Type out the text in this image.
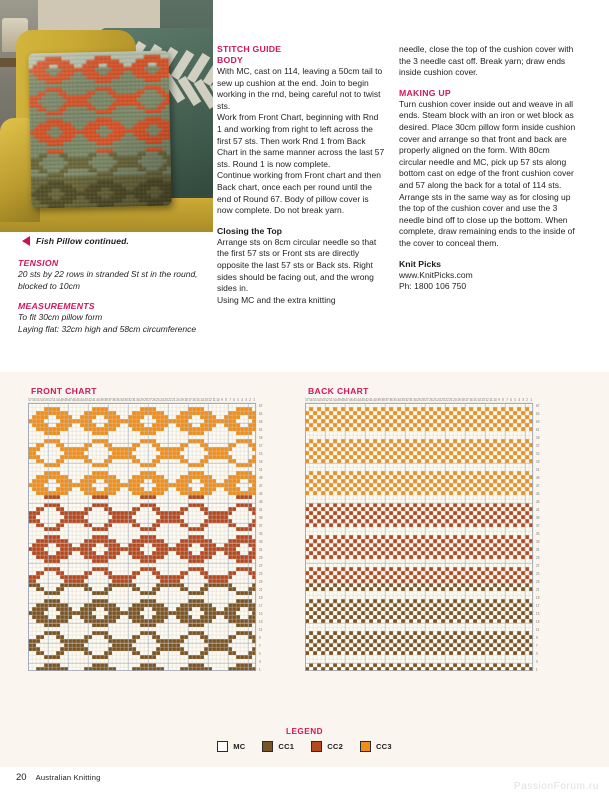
Fish Pillow continued.
TENSION

20 sts by 22 rows in stranded St st in the round, blocked to 10cm

MEASUREMENTS

To fit 30cm pillow form

Laying flat: 32cm high and 58cm circumference

STITCH GUIDE
BODY

With MC, cast on 114, leaving a 50cm tail to sew up cushion at the end. Join to begin working in the rnd, being careful not to twist sts.

Work from Front Chart, beginning with Rnd 1 and working from right to left across the first 57 sts. Then work Rnd 1 from Back Chart in the same manner across the last 57 sts. Round 1 is now complete.

Continue working from Front chart and then Back chart, once each per round until the end of Round 67. Body of pillow cover is now complete. Do not break yarn.

Closing the Top

Arrange sts on 8cm circular needle so that the first 57 sts or Front sts are directly opposite the last 57 sts or Back sts. Right sides should be facing out, and the wrong sides in.

Using MC and the extra knitting

needle, close the top of the cushion cover with the 3 needle cast off. Break yarn; draw ends inside cushion cover.

MAKING UP

Turn cushion cover inside out and weave in all ends. Steam block with an iron or wet block as desired. Place 30cm pillow form inside cushion cover and arrange so that front and back are properly aligned on the form. With 80cm circular needle and MC, pick up 57 sts along bottom cast on edge of the front cushion cover and 57 along the back for a total of 114 sts. Arrange sts in the same way as for closing up the top of the cushion cover and use the 3 needle bind off to close up the bottom. When complete, draw remaining ends to the inside of the cover to conceal them.

Knit Picks

www.KnitPicks.com

Ph: 1800 106 750

FRONT CHART	BACK CHART
LEGEND
MC	CC1	CC2	CC3
20 Australian Knitting
PassionForum.ru
